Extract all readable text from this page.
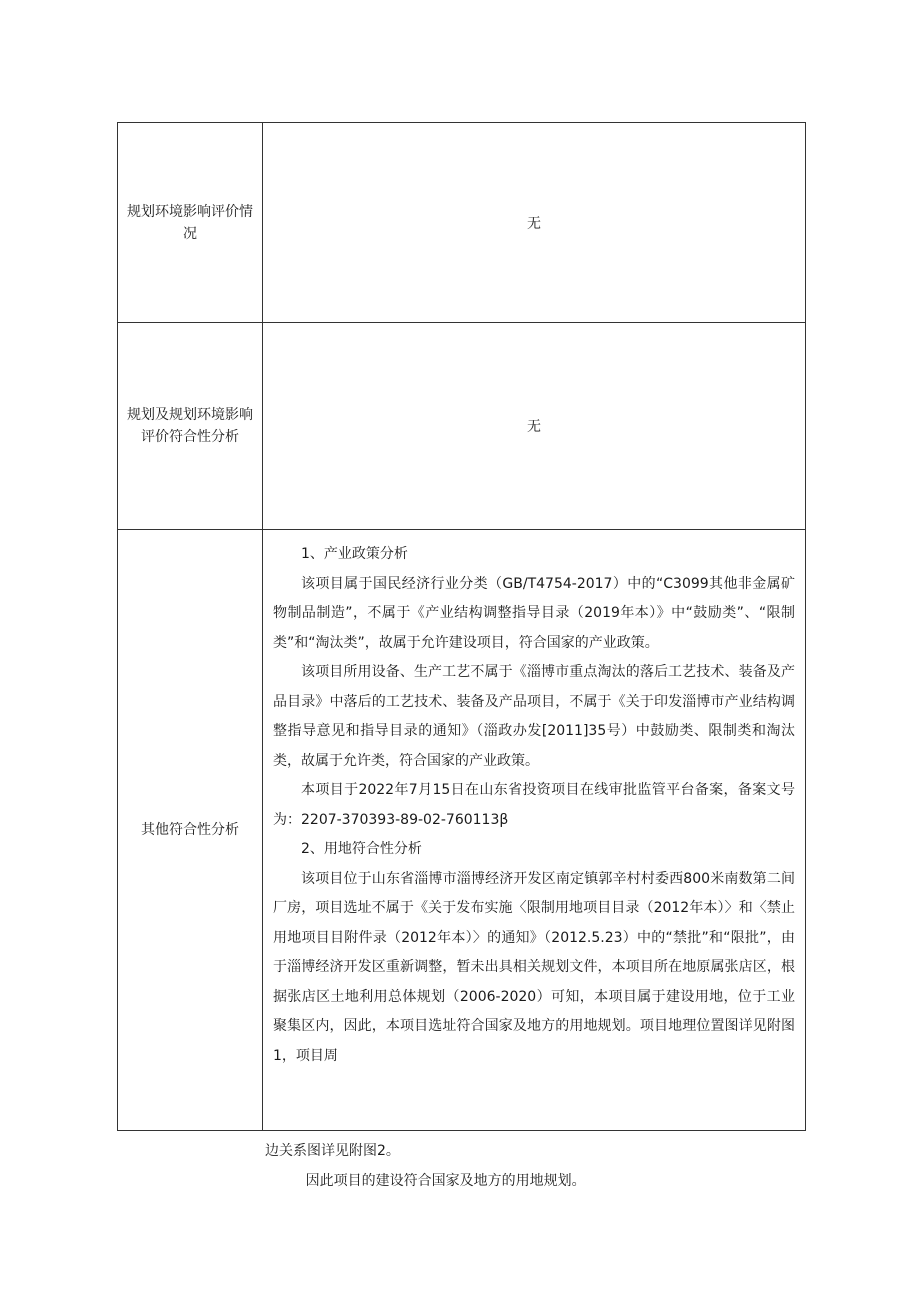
规划环境影响评价情况
无
规划及规划环境影响评价符合性分析
无
其他符合性分析

1、产业政策分析

该项目属于国民经济行业分类（GB/T4754-2017）中的“C3099其他非金属矿物制品制造”，不属于《产业结构调整指导目录（2019年本）》中“鼓励类”、“限制类”和“淘汰类”，故属于允许建设项目，符合国家的产业政策。

该项目所用设备、生产工艺不属于《淄博市重点淘汰的落后工艺技术、装备及产品目录》中落后的工艺技术、装备及产品项目，不属于《关于印发淄博市产业结构调整指导意见和指导目录的通知》（淄政办发[2011]35号）中鼓励类、限制类和淘汰类，故属于允许类，符合国家的产业政策。

本项目于2022年7月15日在山东省投资项目在线审批监管平台备案，备案文号为：2207-370393-89-02-760113β

2、用地符合性分析

该项目位于山东省淄博市淄博经济开发区南定镇郭辛村村委西800米南数第二间厂房，项目选址不属于《关于发布实施〈限制用地项目目录（2012年本）〉和〈禁止用地项目目附件录（2012年本）〉的通知》（2012.5.23）中的“禁批”和“限批”，由于淄博经济开发区重新调整，暂未出具相关规划文件，本项目所在地原属张店区，根据张店区土地利用总体规划（2006-2020）可知，本项目属于建设用地，位于工业聚集区内，因此，本项目选址符合国家及地方的用地规划。项目地理位置图详见附图1，项目周

边关系图详见附图2。
因此项目的建设符合国家及地方的用地规划。
